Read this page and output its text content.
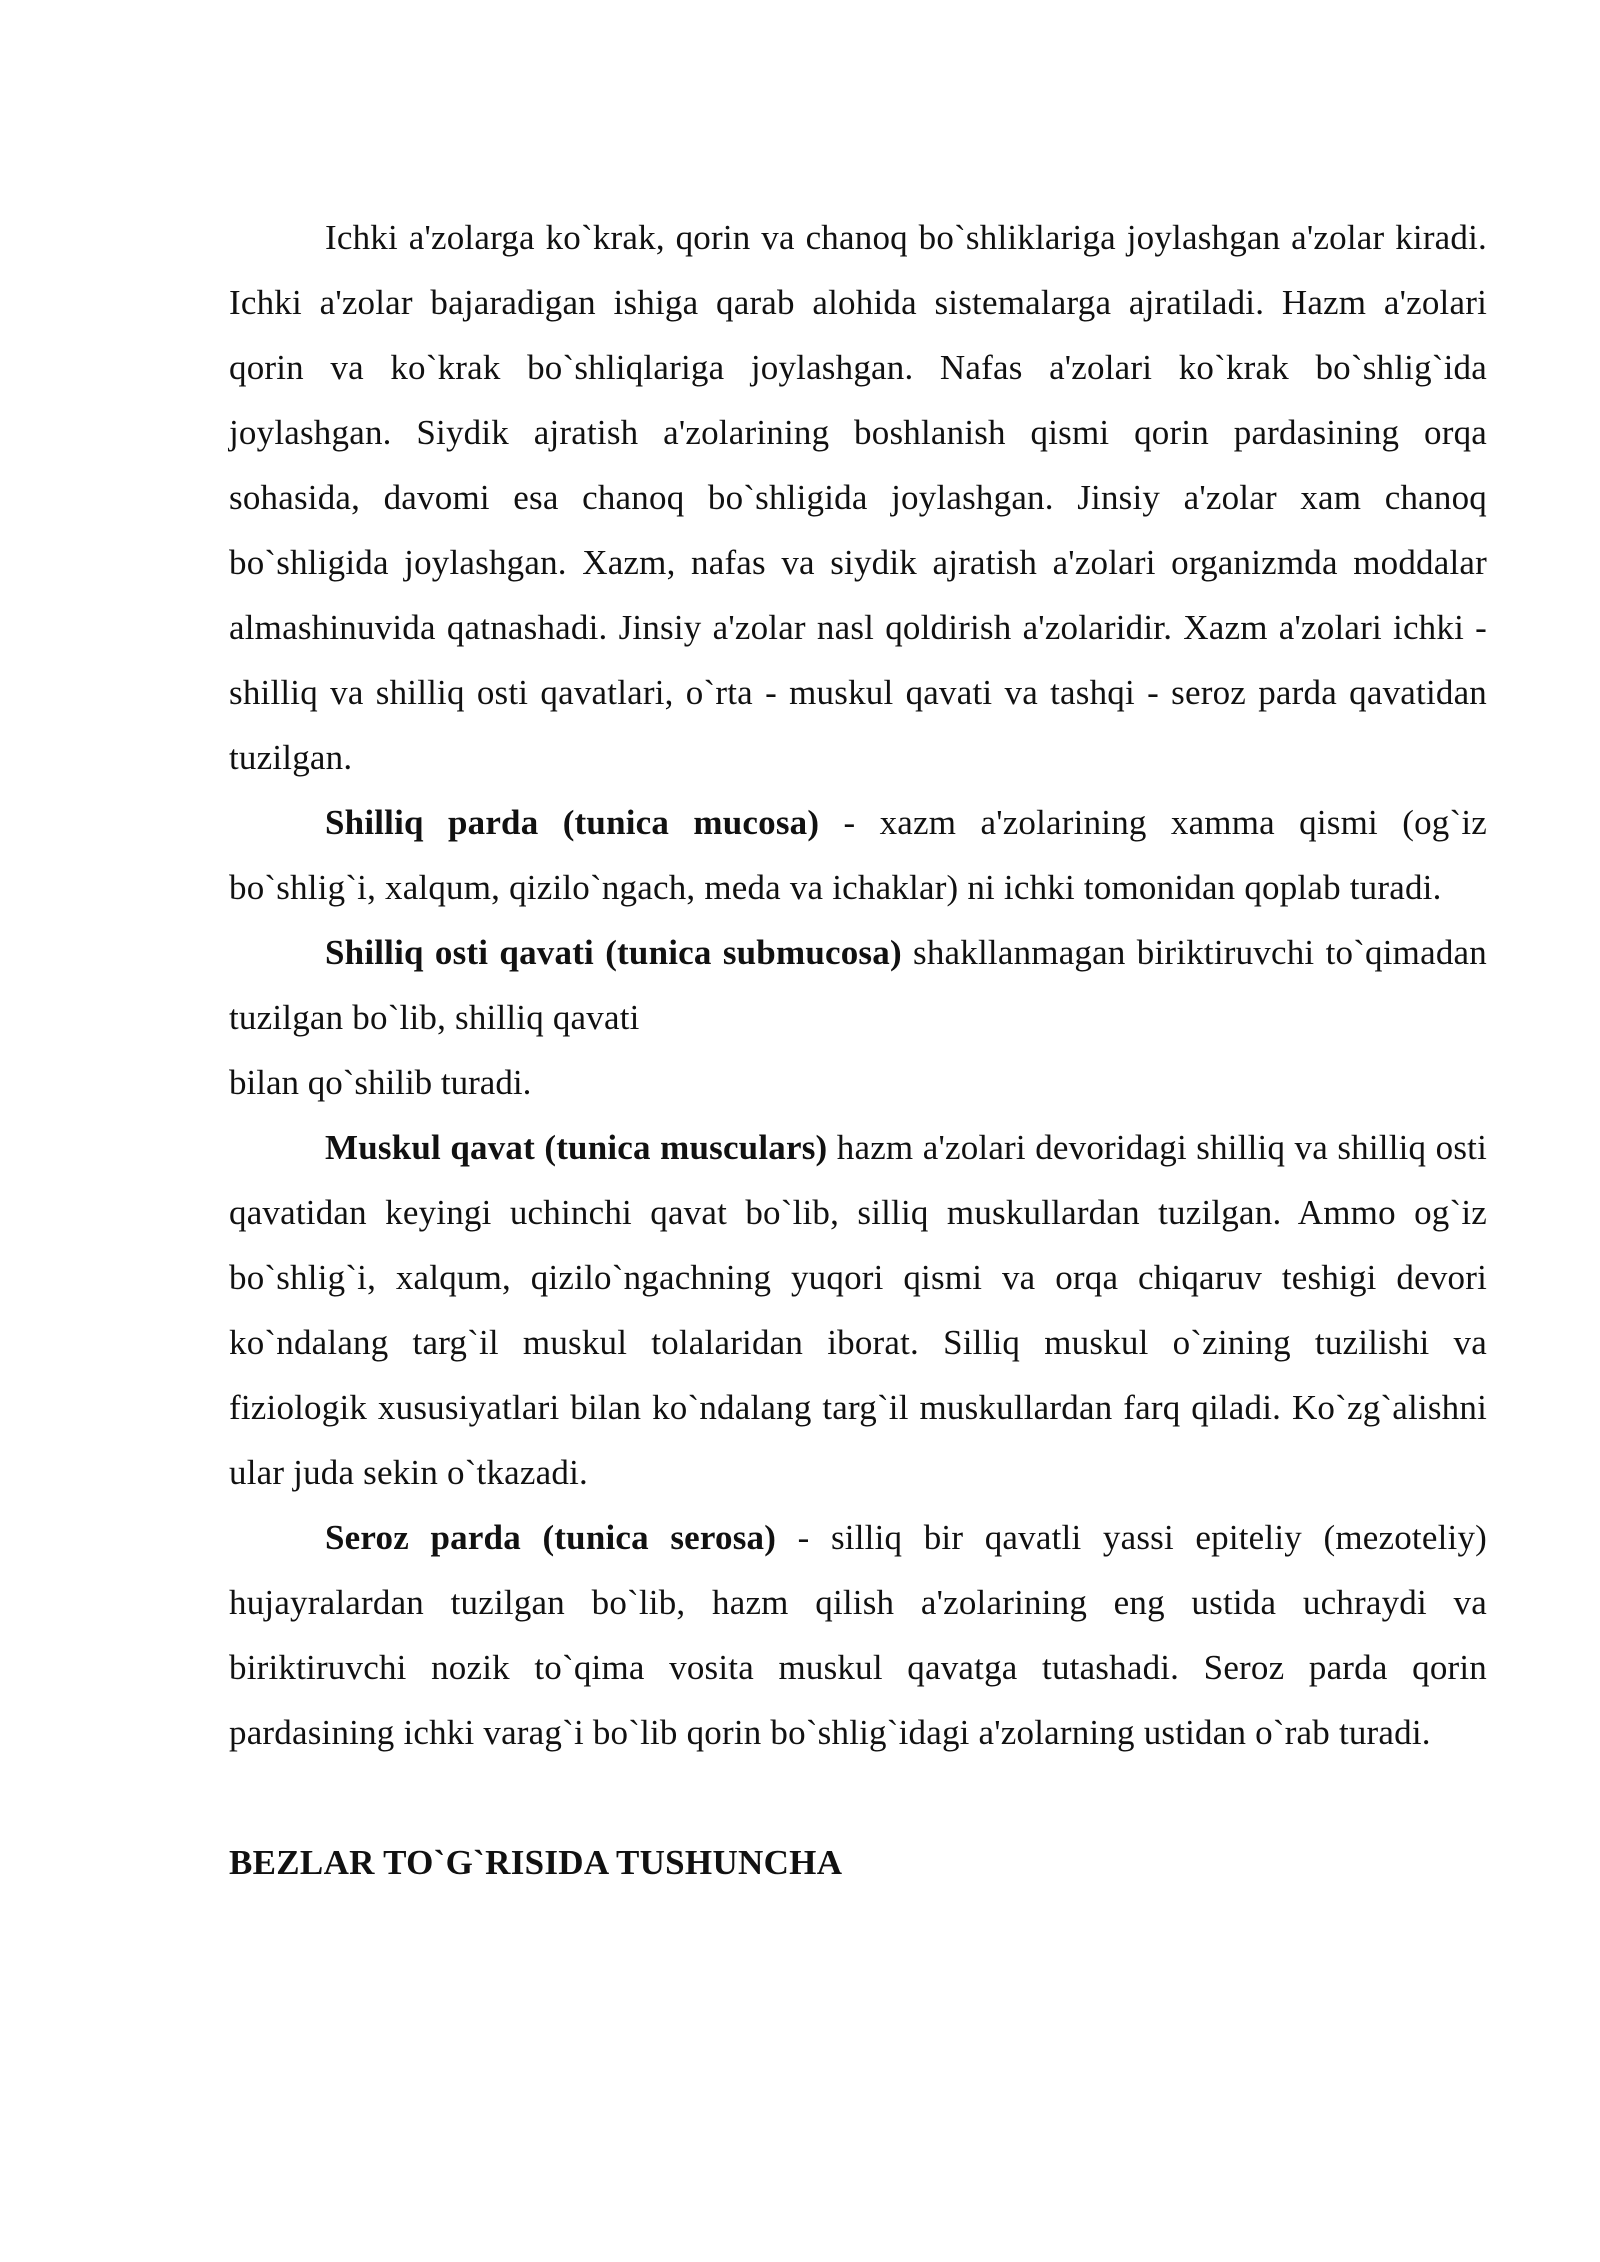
Ichki a'zolarga ko`krak, qorin va chanoq bo`shliklariga joylashgan a'zolar kiradi. Ichki a'zolar bajaradigan ishiga qarab alohida sistemalarga ajratiladi. Hazm a'zolari qorin va ko`krak bo`shliqlariga joylashgan. Nafas a'zolari ko`krak bo`shlig`ida joylashgan. Siydik ajratish a'zolarining boshlanish qismi qorin pardasining orqa sohasida, davomi esa chanoq bo`shligida joylashgan. Jinsiy a'zolar xam chanoq bo`shligida joylashgan. Xazm, nafas va siydik ajratish a'zolari organizmda moddalar almashinuvida qatnashadi. Jinsiy a'zolar nasl qoldirish a'zolaridir. Xazm a'zolari ichki - shilliq va shilliq osti qavatlari, o`rta - muskul qavati va tashqi - seroz parda qavatidan tuzilgan.

Shilliq parda (tunica mucosa) - xazm a'zolarining xamma qismi (og`iz bo`shlig`i, xalqum, qizilo`ngach, meda va ichaklar) ni ichki tomonidan qoplab turadi.

Shilliq osti qavati (tunica submucosa) shakllanmagan biriktiruvchi to`qimadan tuzilgan bo`lib, shilliq qavati

bilan qo`shilib turadi.

Muskul qavat (tunica musculars) hazm a'zolari devoridagi shilliq va shilliq osti qavatidan keyingi uchinchi qavat bo`lib, silliq muskullardan tuzilgan. Ammo og`iz bo`shlig`i, xalqum, qizilo`ngachning yuqori qismi va orqa chiqaruv teshigi devori ko`ndalang targ`il muskul tolalaridan iborat. Silliq muskul o`zining tuzilishi va fiziologik xususiyatlari bilan ko`ndalang targ`il muskullardan farq qiladi. Ko`zg`alishni ular juda sekin o`tkazadi.

Seroz parda (tunica serosa) - silliq bir qavatli yassi epiteliy (mezoteliy) hujayralardan tuzilgan bo`lib, hazm qilish a'zolarining eng ustida uchraydi va biriktiruvchi nozik to`qima vosita muskul qavatga tutashadi. Seroz parda qorin pardasining ichki varag`i bo`lib qorin bo`shlig`idagi a'zolarning ustidan o`rab turadi.

BEZLAR TO`G`RISIDA TUSHUNCHA
